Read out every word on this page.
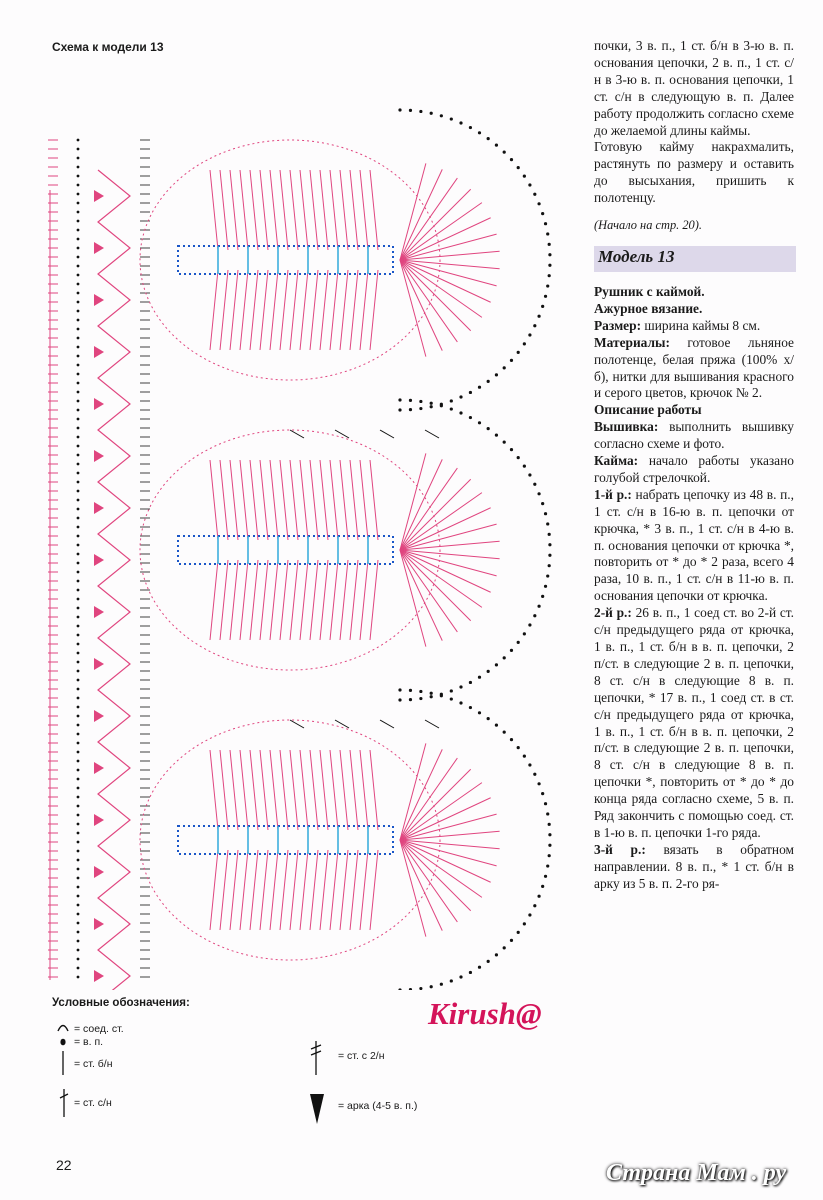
Схема к модели 13	почки, 3 в. п., 1 ст. б/н в 3-ю в. п. основания цепочки, 2 в. п., 1 ст. с/н в 3-ю в. п. основания цепочки, 1 ст. с/н в следующую в. п. Далее работу продолжить согласно схеме до желаемой длины каймы.

Готовую кайму накрахмалить, растянуть по размеру и оставить до высыхания, пришить к полотенцу.

(Начало на стр. 20).

Модель 13

Рушник с каймой.

Ажурное вязание.

Размер: ширина каймы 8 см.

Материалы: готовое льняное полотенце, белая пряжа (100% х/б), нитки для вышивания красного и серого цветов, крючок № 2.

Описание работы

Вышивка: выполнить вышивку согласно схеме и фото.

Кайма: начало работы указано голубой стрелочкой.

1-й р.: набрать цепочку из 48 в. п., 1 ст. с/н в 16-ю в. п. цепочки от крючка, * 3 в. п., 1 ст. с/н в 4-ю в. п. основания цепочки от крючка *, повторить от * до * 2 раза, всего 4 раза, 10 в. п., 1 ст. с/н в 11-ю в. п. основания цепочки от крючка.

2-й р.: 26 в. п., 1 соед ст. во 2-й ст. с/н предыдущего ряда от крючка, 1 в. п., 1 ст. б/н в в. п. цепочки, 2 п/ст. в следующие 2 в. п. цепочки, 8 ст. с/н в следующие 8 в. п. цепочки, * 17 в. п., 1 соед ст. в ст. с/н предыдущего ряда от крючка, 1 в. п., 1 ст. б/н в в. п. цепочки, 2 п/ст. в следующие 2 в. п. цепочки, 8 ст. с/н в следующие 8 в. п. цепочки *, повторить от * до * до конца ряда согласно схеме, 5 в. п. Ряд закончить с помощью соед. ст. в 1-ю в. п. цепочки 1-го ряда.

3-й р.: вязать в обратном направлении. 8 в. п., * 1 ст. б/н в арку из 5 в. п. 2-го ря-

Условные обозначения:
= соед. ст.
= в. п.
= ст. б/н
= ст. с/н
= ст. с 2/н
= арка (4-5 в. п.)
Kirush@
22	Страна Мам . ру
